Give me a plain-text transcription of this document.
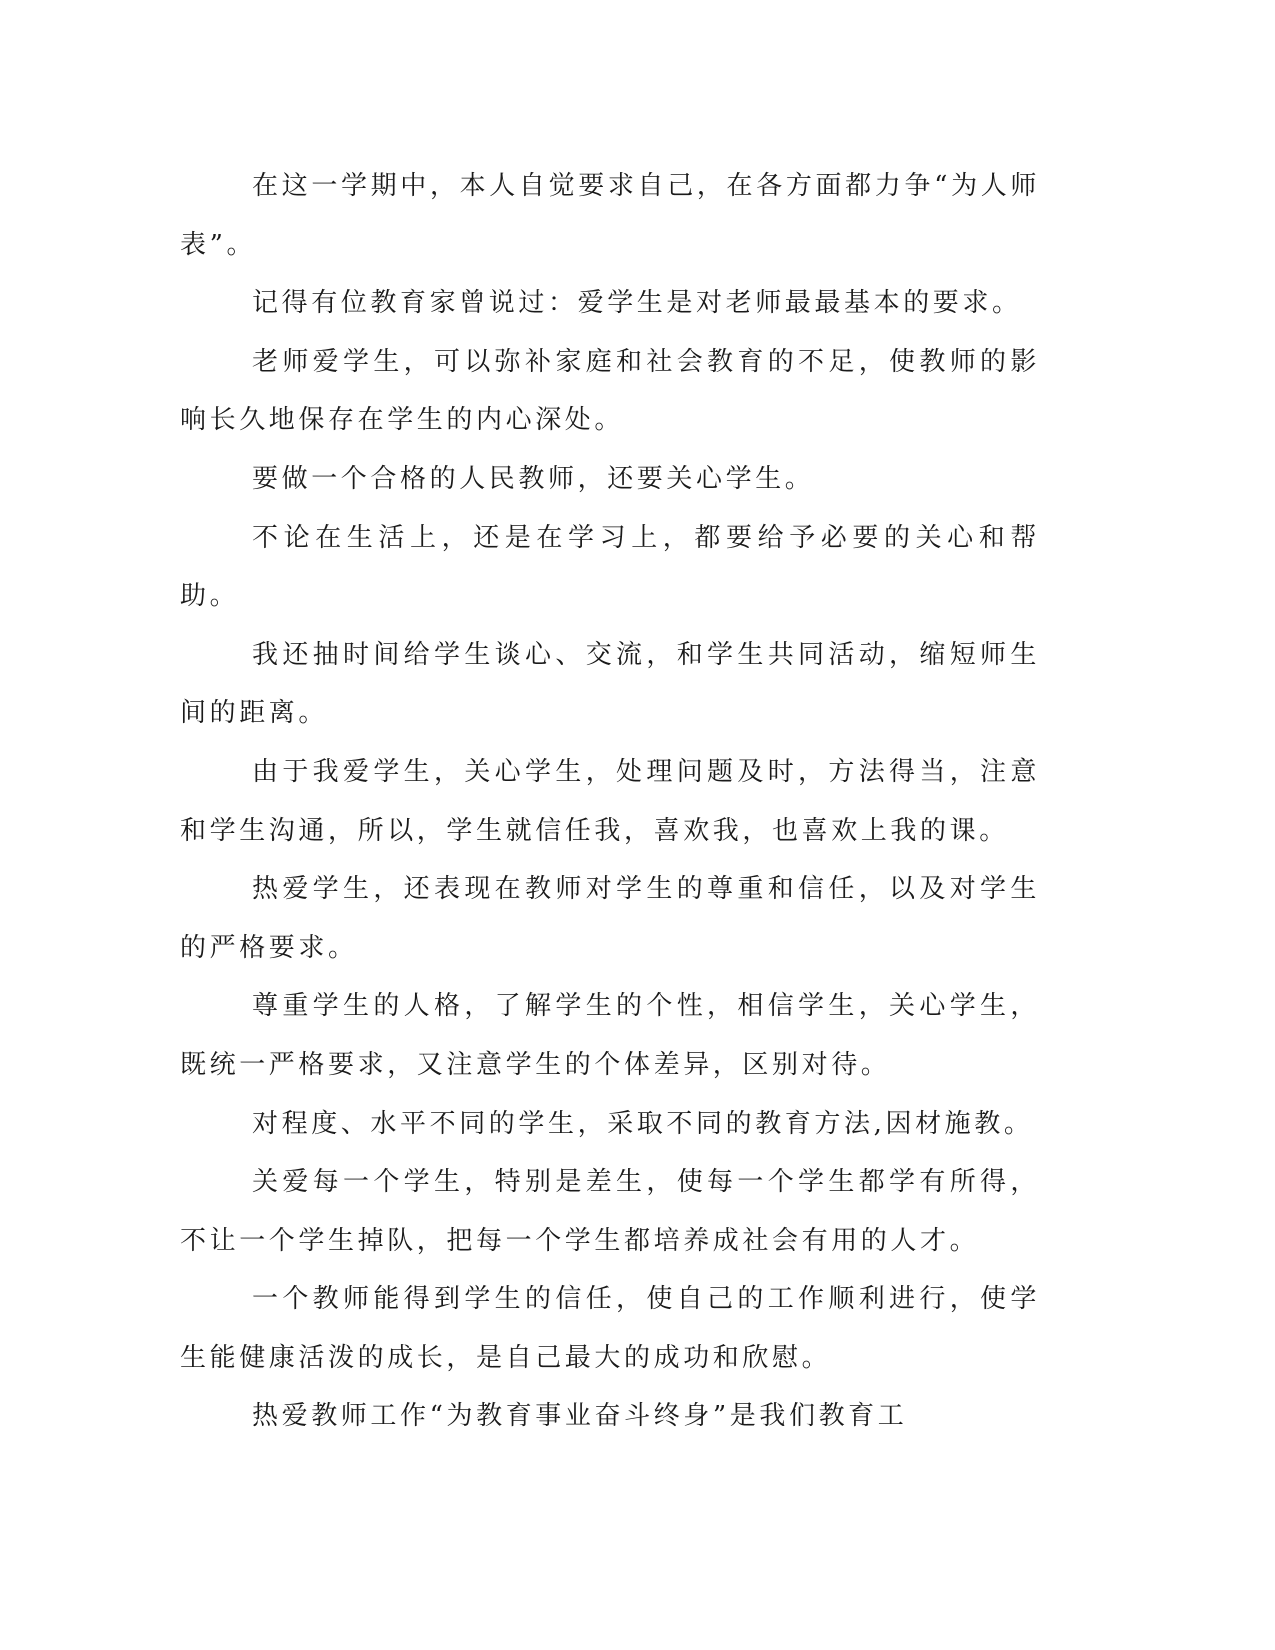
在这一学期中，本人自觉要求自己，在各方面都力争“为人师表”。

记得有位教育家曾说过：爱学生是对老师最最基本的要求。

老师爱学生，可以弥补家庭和社会教育的不足，使教师的影响长久地保存在学生的内心深处。

要做一个合格的人民教师，还要关心学生。

不论在生活上，还是在学习上，都要给予必要的关心和帮助。

我还抽时间给学生谈心、交流，和学生共同活动，缩短师生间的距离。

由于我爱学生，关心学生，处理问题及时，方法得当，注意和学生沟通，所以，学生就信任我，喜欢我，也喜欢上我的课。

热爱学生，还表现在教师对学生的尊重和信任，以及对学生的严格要求。

尊重学生的人格，了解学生的个性，相信学生，关心学生，既统一严格要求，又注意学生的个体差异，区别对待。

对程度、水平不同的学生，采取不同的教育方法,因材施教。

关爱每一个学生，特别是差生，使每一个学生都学有所得，不让一个学生掉队，把每一个学生都培养成社会有用的人才。

一个教师能得到学生的信任，使自己的工作顺利进行，使学生能健康活泼的成长，是自己最大的成功和欣慰。

热爱教师工作“为教育事业奋斗终身”是我们教育工
